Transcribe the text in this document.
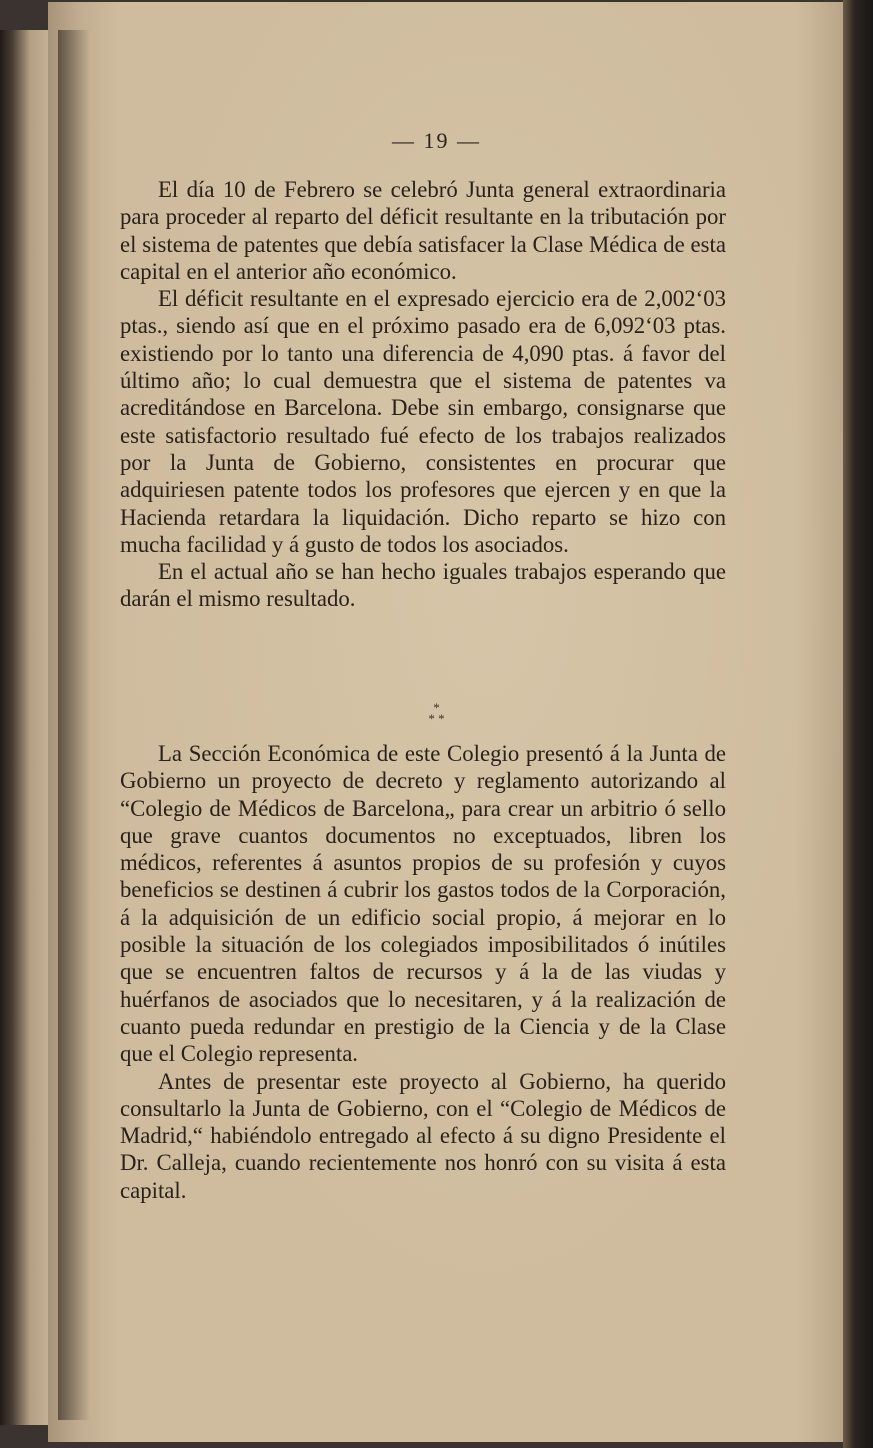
— 19 —

El día 10 de Febrero se celebró Junta general extraordinaria para proceder al reparto del déficit resultante en la tributación por el sistema de patentes que debía satisfacer la Clase Médica de esta capital en el anterior año económico.

El déficit resultante en el expresado ejercicio era de 2,002‘03 ptas., siendo así que en el próximo pasado era de 6,092‘03 ptas. existiendo por lo tanto una diferencia de 4,090 ptas. á favor del último año; lo cual demuestra que el sistema de patentes va acreditándose en Barcelona. Debe sin embargo, consignarse que este satisfactorio resultado fué efecto de los trabajos realizados por la Junta de Gobierno, consistentes en procurar que adquiriesen patente todos los profesores que ejercen y en que la Hacienda retardara la liquidación. Dicho reparto se hizo con mucha facilidad y á gusto de todos los asociados.

En el actual año se han hecho iguales trabajos esperando que darán el mismo resultado.

*
* *

La Sección Económica de este Colegio presentó á la Junta de Gobierno un proyecto de decreto y reglamento autorizando al “Colegio de Médicos de Barcelona„ para crear un arbitrio ó sello que grave cuantos documentos no exceptuados, libren los médicos, referentes á asuntos propios de su profesión y cuyos beneficios se destinen á cubrir los gastos todos de la Corporación, á la adquisición de un edificio social propio, á mejorar en lo posible la situación de los colegiados imposibilitados ó inútiles que se encuentren faltos de recursos y á la de las viudas y huérfanos de asociados que lo necesitaren, y á la realización de cuanto pueda redundar en prestigio de la Ciencia y de la Clase que el Colegio representa.

Antes de presentar este proyecto al Gobierno, ha querido consultarlo la Junta de Gobierno, con el “Colegio de Médicos de Madrid,“ habiéndolo entregado al efecto á su digno Presidente el Dr. Calleja, cuando recientemente nos honró con su visita á esta capital.
